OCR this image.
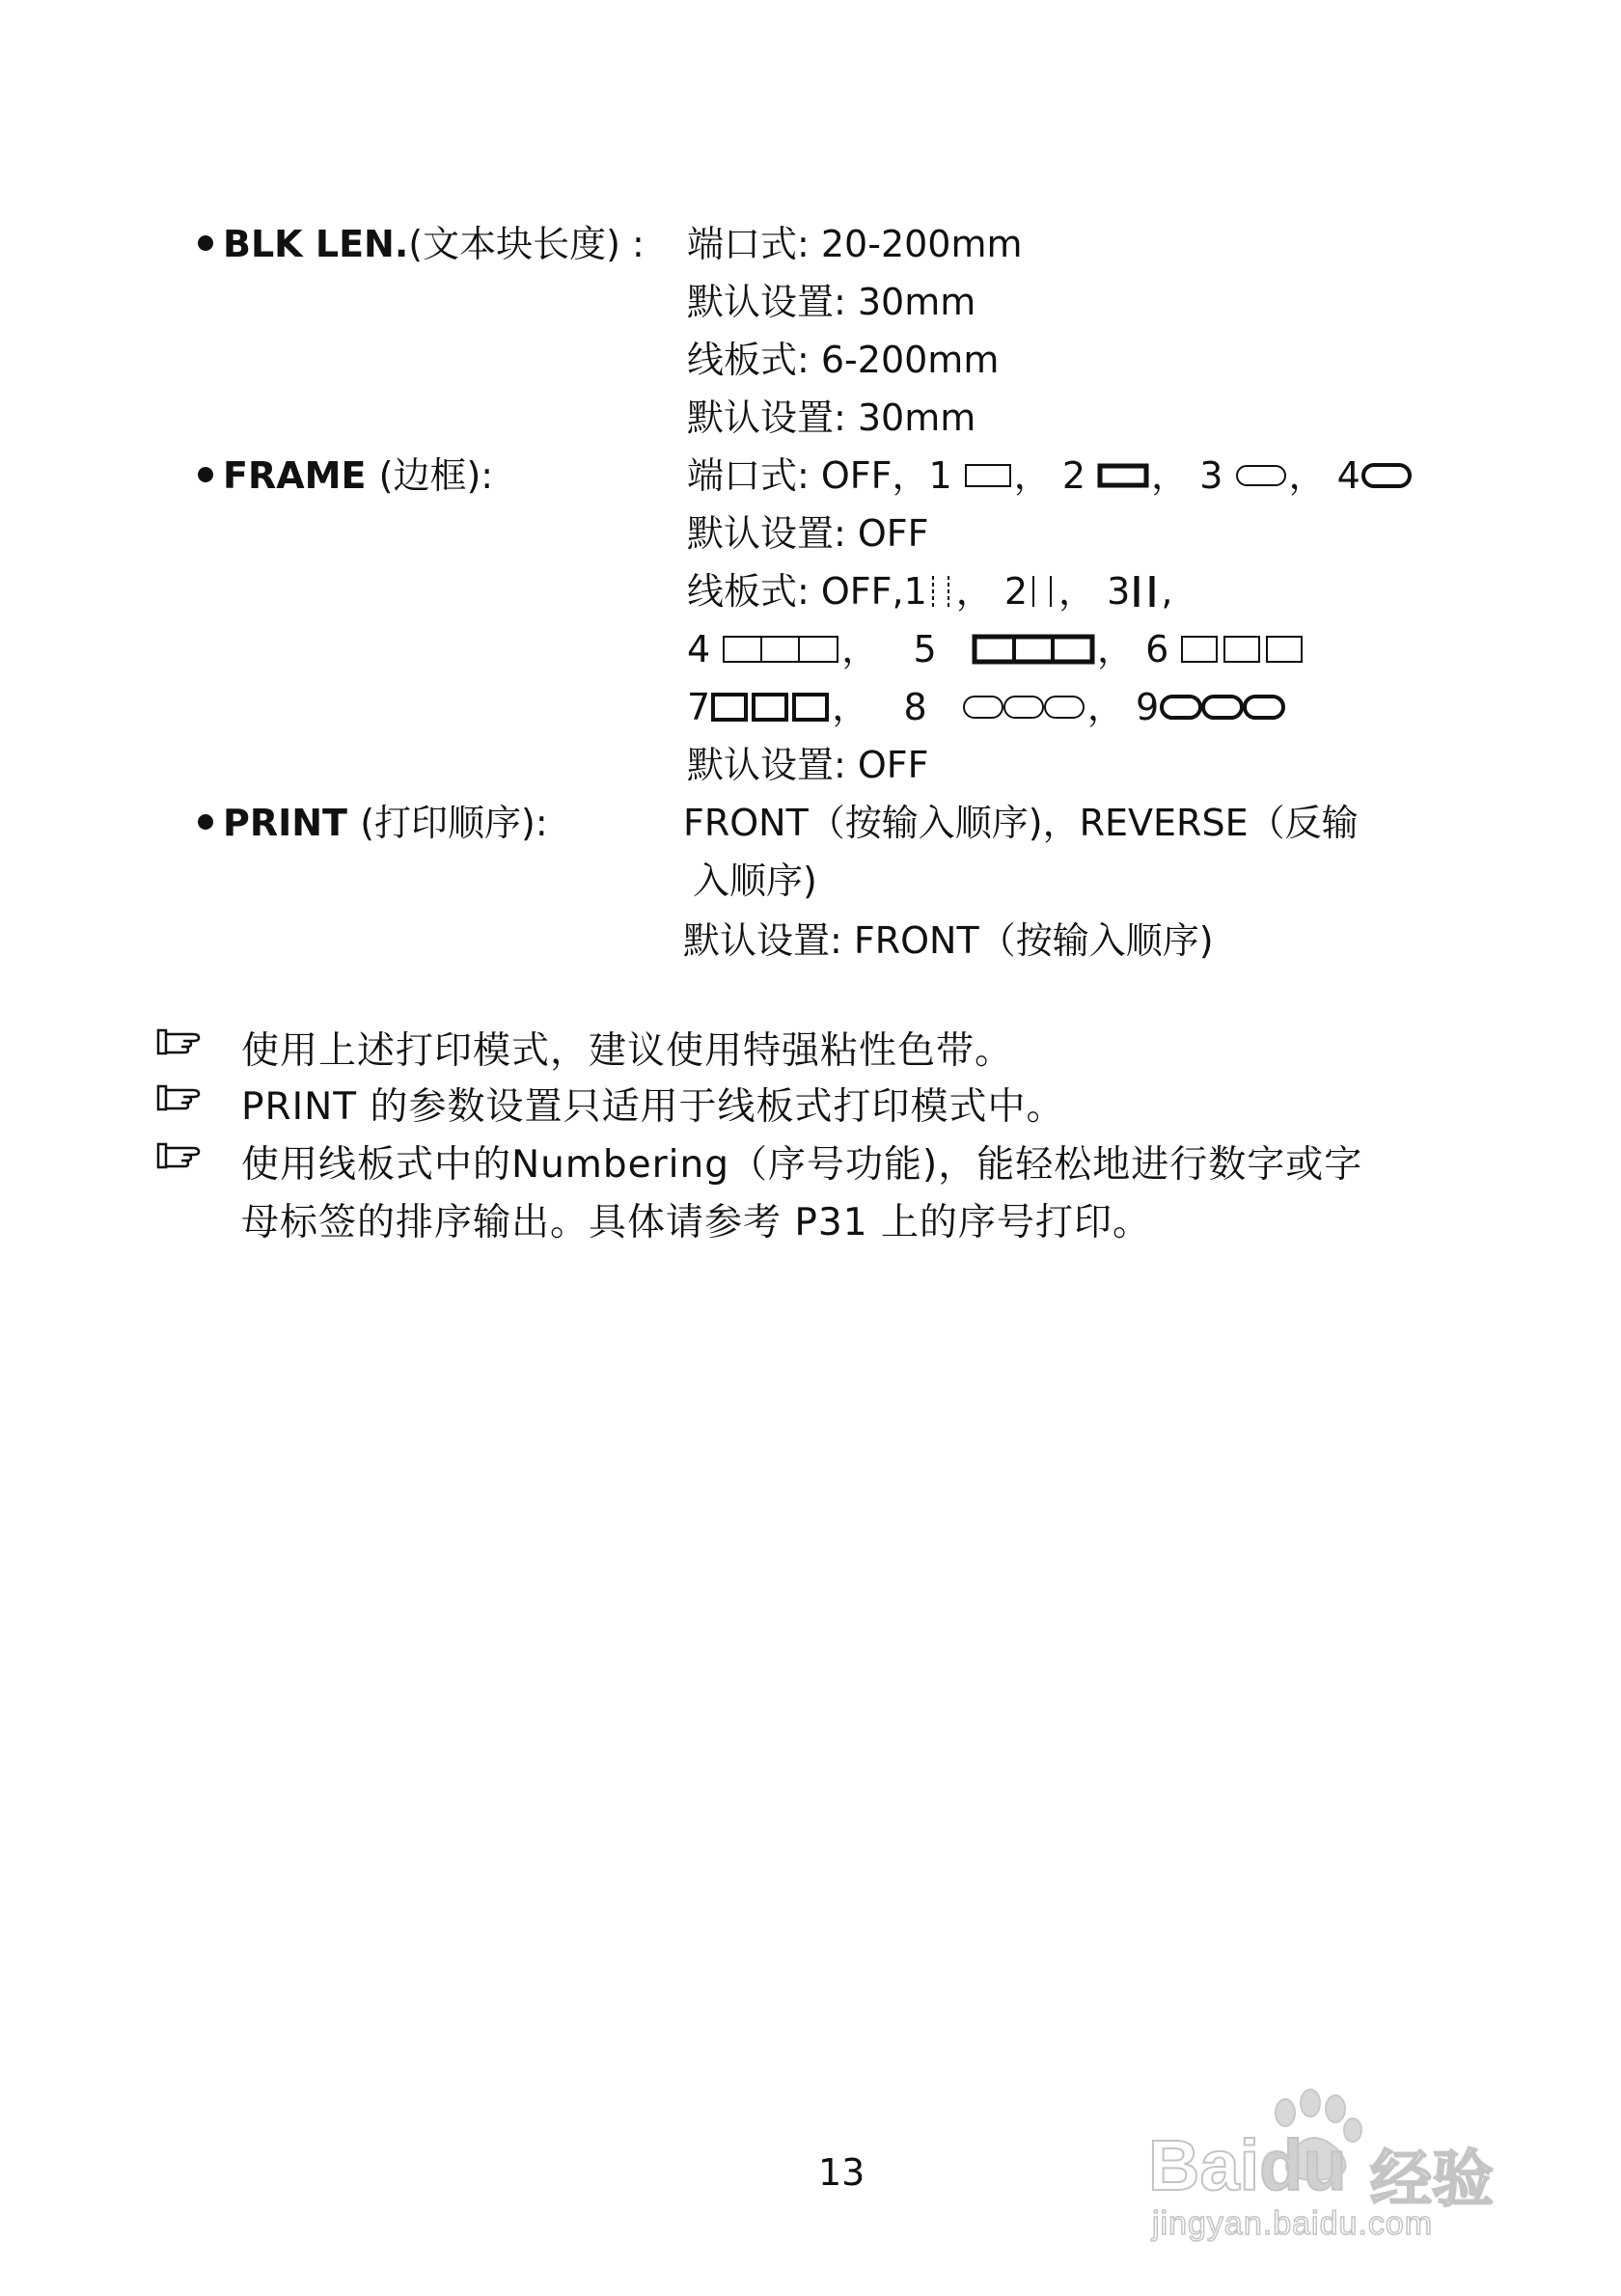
BLK LEN.(文本块长度) : 端口式: 20-200mm
默认设置: 30mm
线板式: 6-200mm
默认设置: 30mm
FRAME (边框):	端口式: OFF，1 ， 2 ， 3 ， 4
默认设置: OFF
线板式: OFF,1 ， 2 ， 3 ,
4	，   5	， 6
7	，   8	， 9
默认设置: OFF
PRINT (打印顺序):	FRONT（按输入顺序)，REVERSE（反输
入顺序)
默认设置: FRONT（按输入顺序)
使用上述打印模式，建议使用特强粘性色带。
PRINT 的参数设置只适用于线板式打印模式中。
使用线板式中的Numbering（序号功能)，能轻松地进行数字或字
母标签的排序输出。具体请参考 P31 上的序号打印。
13	Baidu 经验
jingyan.baidu.com
